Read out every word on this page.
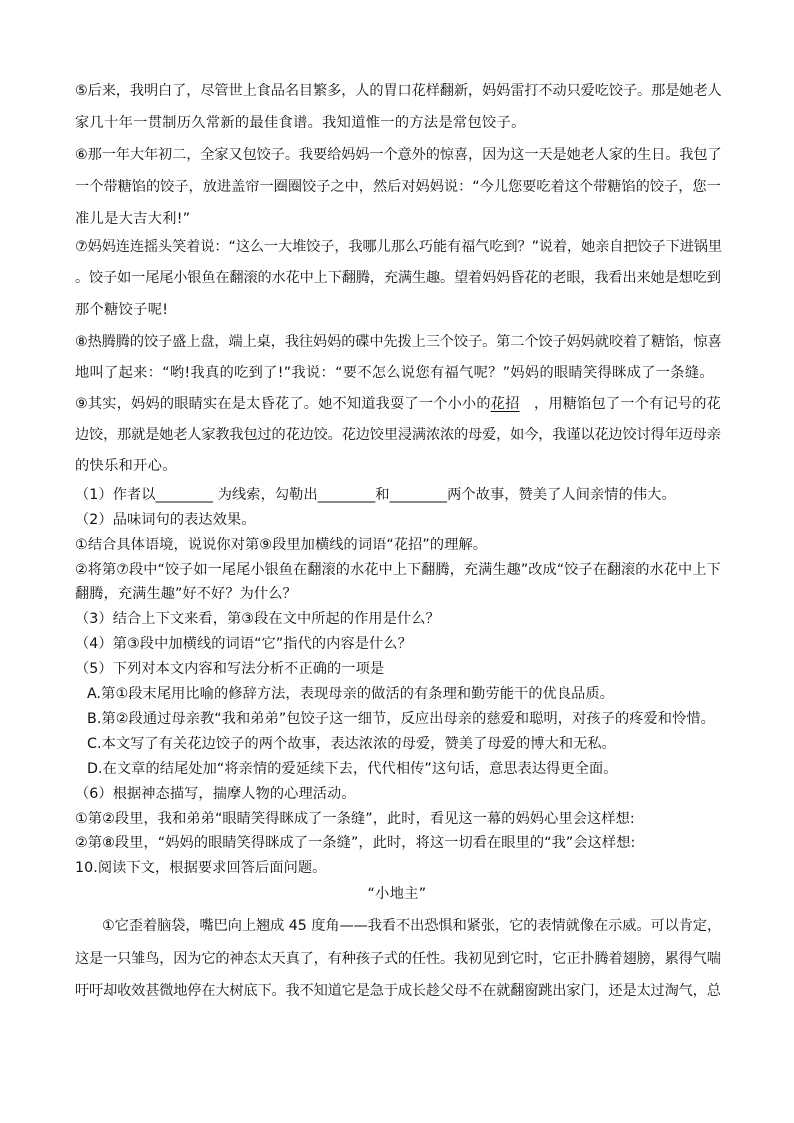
⑤后来，我明白了，尽管世上食品名目繁多，人的胃口花样翻新，妈妈雷打不动只爱吃饺子。那是她老人
家几十年一贯制历久常新的最佳食谱。我知道惟一的方法是常包饺子。
⑥那一年大年初二，全家又包饺子。我要给妈妈一个意外的惊喜，因为这一天是她老人家的生日。我包了
一个带糖馅的饺子，放进盖帘一圈圈饺子之中，然后对妈妈说：“今儿您要吃着这个带糖馅的饺子，您一
准儿是大吉大利!”
⑦妈妈连连摇头笑着说：“这么一大堆饺子，我哪儿那么巧能有福气吃到？”说着，她亲自把饺子下进锅里
。饺子如一尾尾小银鱼在翻滚的水花中上下翻腾，充满生趣。望着妈妈昏花的老眼，我看出来她是想吃到
那个糖饺子呢!
⑧热腾腾的饺子盛上盘，端上桌，我往妈妈的碟中先拨上三个饺子。第二个饺子妈妈就咬着了糖馅，惊喜
地叫了起来：“哟!我真的吃到了!”我说：“要不怎么说您有福气呢？”妈妈的眼睛笑得眯成了一条缝。
⑨其实，妈妈的眼睛实在是太昏花了。她不知道我耍了一个小小的花招　，用糖馅包了一个有记号的花
边饺，那就是她老人家教我包过的花边饺。花边饺里浸满浓浓的母爱，如今，我谨以花边饺讨得年迈母亲
的快乐和开心。
（1）作者以________ 为线索，勾勒出________和________两个故事，赞美了人间亲情的伟大。
（2）品味词句的表达效果。
①结合具体语境，说说你对第⑨段里加横线的词语“花招”的理解。
②将第⑦段中“饺子如一尾尾小银鱼在翻滚的水花中上下翻腾，充满生趣”改成“饺子在翻滚的水花中上下
翻腾，充满生趣”好不好？为什么？
（3）结合上下文来看，第③段在文中所起的作用是什么？
（4）第③段中加横线的词语“它”指代的内容是什么？
（5）下列对本文内容和写法分析不正确的一项是
A.第①段末尾用比喻的修辞方法，表现母亲的做活的有条理和勤劳能干的优良品质。
B.第②段通过母亲教“我和弟弟”包饺子这一细节，反应出母亲的慈爱和聪明，对孩子的疼爱和怜惜。
C.本文写了有关花边饺子的两个故事，表达浓浓的母爱，赞美了母爱的博大和无私。
D.在文章的结尾处加“将亲情的爱延续下去，代代相传”这句话，意思表达得更全面。
（6）根据神态描写，揣摩人物的心理活动。
①第②段里，我和弟弟“眼睛笑得眯成了一条缝”，此时，看见这一幕的妈妈心里会这样想:
②第⑧段里，“妈妈的眼睛笑得眯成了一条缝”，此时，将这一切看在眼里的“我”会这样想:
10.阅读下文，根据要求回答后面问题。
“小地主”
①它歪着脑袋，嘴巴向上翘成 45 度角——我看不出恐惧和紧张，它的表情就像在示威。可以肯定，
这是一只雏鸟，因为它的神态太天真了，有种孩子式的任性。我初见到它时，它正扑腾着翅膀，累得气喘
吁吁却收效甚微地停在大树底下。我不知道它是急于成长趁父母不在就翻窗跳出家门，还是太过淘气，总
